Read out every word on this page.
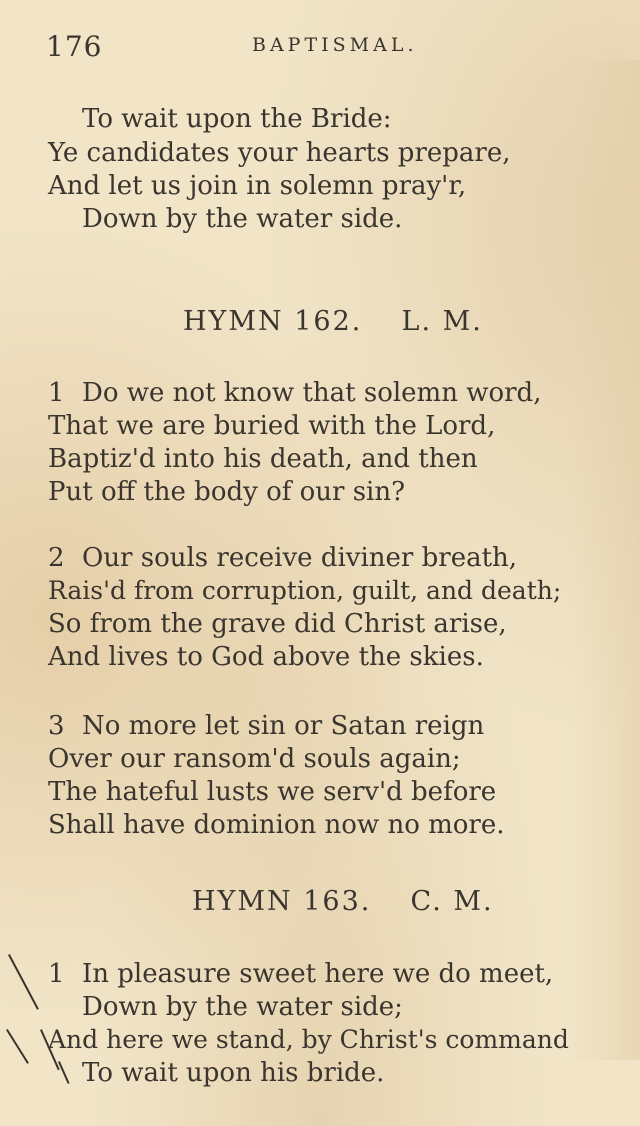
176	BAPTISMAL.
To wait upon the Bride:
Ye candidates your hearts prepare,
And let us join in solemn pray'r,
Down by the water side.
HYMN 162. L. M.
1 Do we not know that solemn word,
That we are buried with the Lord,
Baptiz'd into his death, and then
Put off the body of our sin?
2 Our souls receive diviner breath,
Rais'd from corruption, guilt, and death;
So from the grave did Christ arise,
And lives to God above the skies.
3 No more let sin or Satan reign
Over our ransom'd souls again;
The hateful lusts we serv'd before
Shall have dominion now no more.
HYMN 163. C. M.
1 In pleasure sweet here we do meet,
Down by the water side;
And here we stand, by Christ's command
To wait upon his bride.
